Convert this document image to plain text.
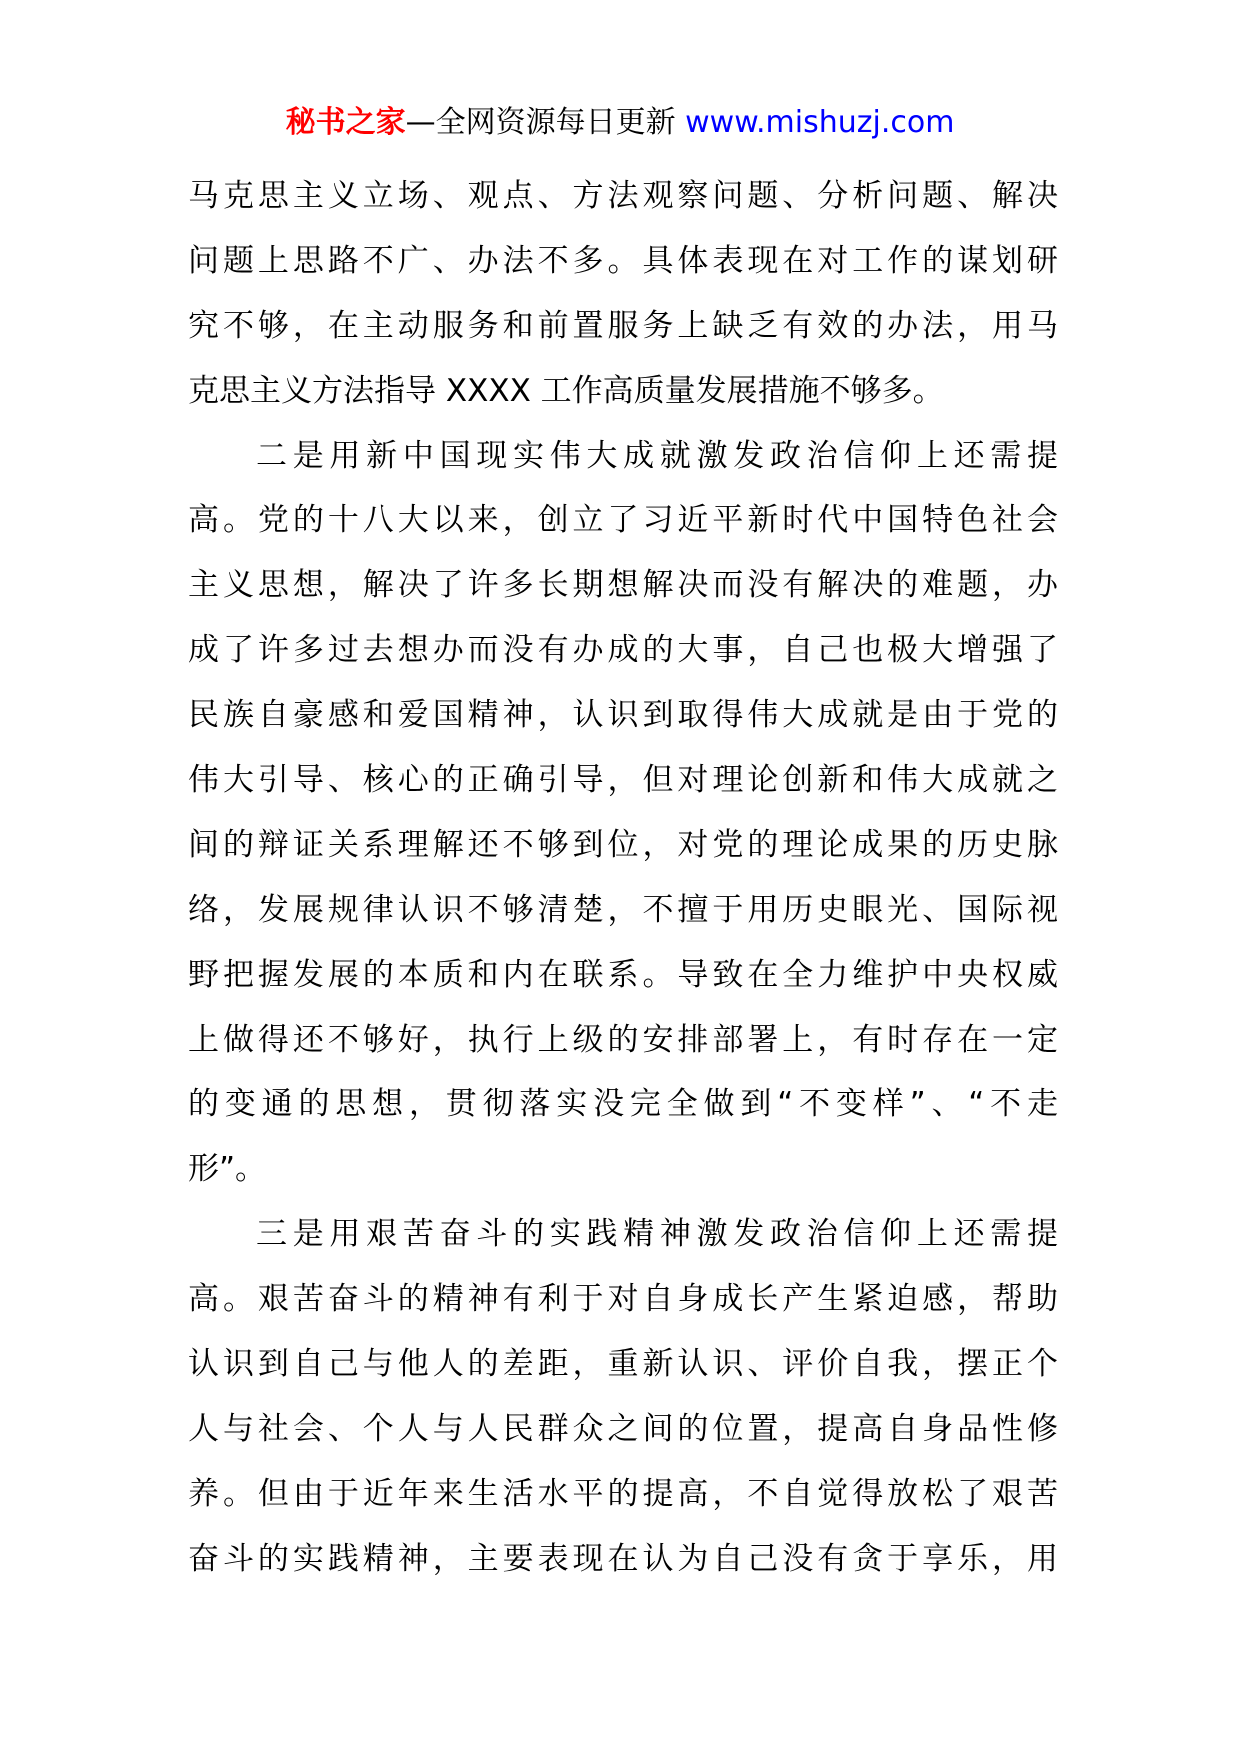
秘书之家—全网资源每日更新 www.mishuzj.com
马克思主义立场、观点、方法观察问题、分析问题、解决
问题上思路不广、办法不多。具体表现在对工作的谋划研
究不够，在主动服务和前置服务上缺乏有效的办法，用马
克思主义方法指导 XXXX 工作高质量发展措施不够多。
二是用新中国现实伟大成就激发政治信仰上还需提
高。党的十八大以来，创立了习近平新时代中国特色社会
主义思想，解决了许多长期想解决而没有解决的难题，办
成了许多过去想办而没有办成的大事，自己也极大增强了
民族自豪感和爱国精神，认识到取得伟大成就是由于党的
伟大引导、核心的正确引导，但对理论创新和伟大成就之
间的辩证关系理解还不够到位，对党的理论成果的历史脉
络，发展规律认识不够清楚，不擅于用历史眼光、国际视
野把握发展的本质和内在联系。导致在全力维护中央权威
上做得还不够好，执行上级的安排部署上，有时存在一定
的变通的思想，贯彻落实没完全做到“不变样”、“不走
形”。
三是用艰苦奋斗的实践精神激发政治信仰上还需提
高。艰苦奋斗的精神有利于对自身成长产生紧迫感，帮助
认识到自己与他人的差距，重新认识、评价自我，摆正个
人与社会、个人与人民群众之间的位置，提高自身品性修
养。但由于近年来生活水平的提高，不自觉得放松了艰苦
奋斗的实践精神，主要表现在认为自己没有贪于享乐，用
